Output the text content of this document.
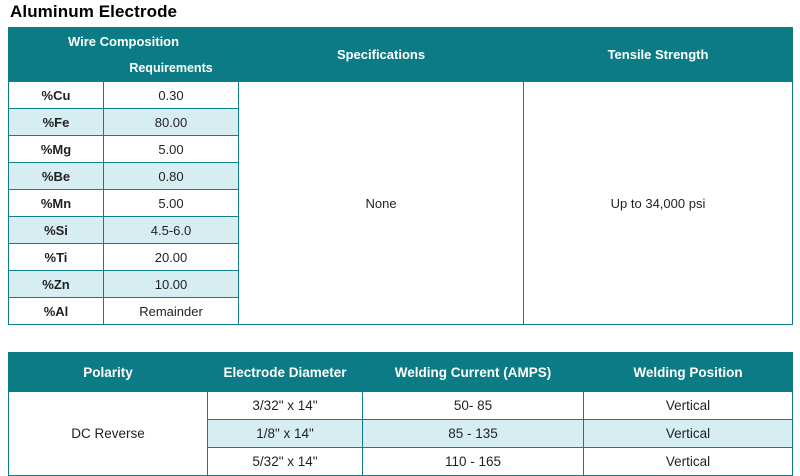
Aluminum Electrode
Wire Composition		Specifications	Tensile Strength
	Requirements		
%Cu	0.30	None	Up to 34,000 psi
%Fe	80.00		
%Mg	5.00		
%Be	0.80		
%Mn	5.00		
%Si	4.5-6.0		
%Ti	20.00		
%Zn	10.00		
%Al	Remainder		
Polarity	Electrode Diameter	Welding Current (AMPS)	Welding Position
DC Reverse	3/32" x 14"	50- 85	Vertical
	1/8" x 14"	85 - 135	Vertical
	5/32" x 14"	110 - 165	Vertical
